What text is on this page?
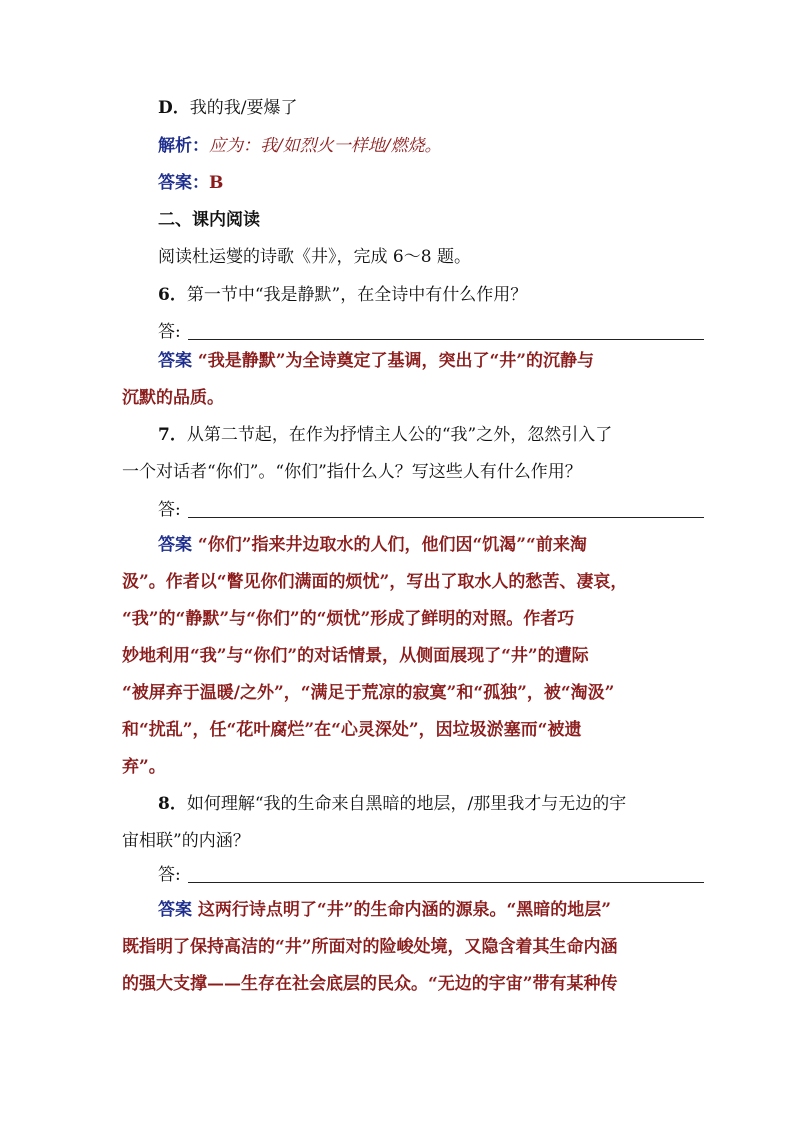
D．我的我/要爆了
解析：应为：我/如烈火一样地/燃烧。
答案：B
二、课内阅读
阅读杜运燮的诗歌《井》，完成 6～8 题。
6．第一节中“我是静默”，在全诗中有什么作用？
答:
答案 “我是静默”为全诗奠定了基调，突出了“井”的沉静与
沉默的品质。
7．从第二节起，在作为抒情主人公的“我”之外，忽然引入了
一个对话者“你们”。“你们”指什么人？写这些人有什么作用？
答:
答案 “你们”指来井边取水的人们，他们因“饥渴”“前来淘
汲”。作者以“瞥见你们满面的烦忧”，写出了取水人的愁苦、凄哀，
“我”的“静默”与“你们”的“烦忧”形成了鲜明的对照。作者巧
妙地利用“我”与“你们”的对话情景，从侧面展现了“井”的遭际
“被屏弃于温暖/之外”，“满足于荒凉的寂寞”和“孤独”，被“淘汲”
和“扰乱”，任“花叶腐烂”在“心灵深处”，因垃圾淤塞而“被遗
弃”。
8．如何理解“我的生命来自黑暗的地层，/那里我才与无边的宇
宙相联”的内涵？
答:
答案 这两行诗点明了“井”的生命内涵的源泉。“黑暗的地层”
既指明了保持高洁的“井”所面对的险峻处境，又隐含着其生命内涵
的强大支撑——生存在社会底层的民众。“无边的宇宙”带有某种传
